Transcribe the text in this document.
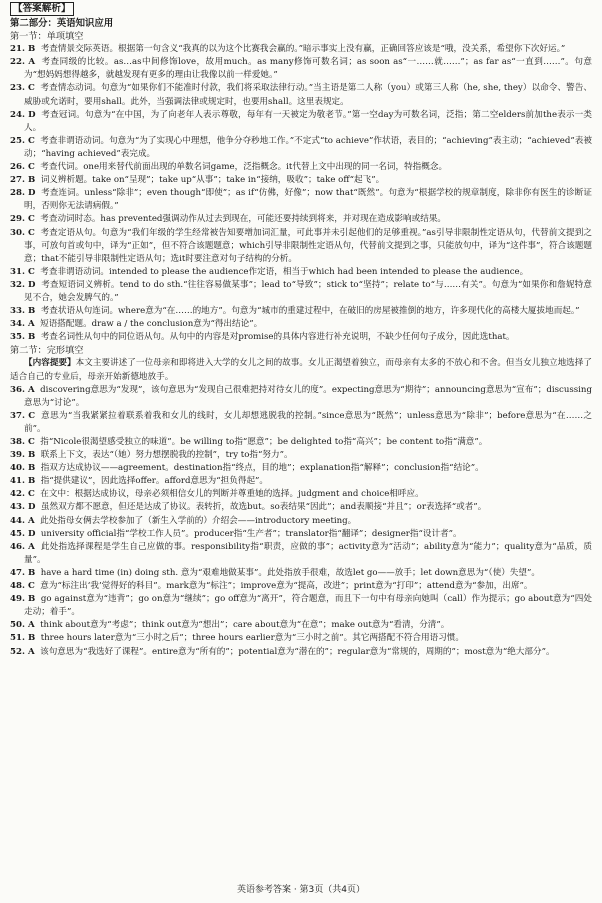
【答案解析】
第二部分：英语知识应用
第一节：单项填空

21. B 考查情景交际英语。根据第一句含义“我真的以为这个比赛我会赢的。”暗示事实上没有赢，正确回答应该是“哦，没关系，希望你下次好运。”

22. A 考查同级的比较。as…as中间修饰love，故用much。as many修饰可数名词；as soon as“一……就……”；as far as“一直到……”。句意为“想妈妈想得越多，就越发现有更多的理由让我像以前一样爱她。”

23. C 考查情态动词。句意为“如果你们不能准时付款，我们将采取法律行动。”当主语是第二人称（you）或第三人称（he, she, they）以命令、警告、威胁或允诺时，要用shall。此外，当强调法律或规定时，也要用shall。这里表规定。

24. D 考查冠词。句意为“在中国，为了向老年人表示尊敬，每年有一天被定为敬老节。”第一空day为可数名词，泛指；第二空elders前加the表示一类人。

25. C 考查非谓语动词。句意为“为了实现心中理想，他争分夺秒地工作。”不定式“to achieve”作状语，表目的；“achieving”表主动；“achieved”表被动；“having achieved”表完成。

26. C 考查代词。one用来替代前面出现的单数名词game，泛指概念。it代替上文中出现的同一名词，特指概念。

27. B 词义辨析题。take on“呈现”；take up“从事”；take in“接纳，吸收”；take off“起飞”。

28. D 考查连词。unless“除非”；even though“即使”；as if“仿佛，好像”；now that“既然”。句意为“根据学校的规章制度，除非你有医生的诊断证明，否则你无法请病假。”

29. C 考查动词时态。has prevented强调动作从过去到现在，可能还要持续到将来，并对现在造成影响或结果。

30. C 考查定语从句。句意为“我们年级的学生经常被告知要增加词汇量，可此事并未引起他们的足够重视。”as引导非限制性定语从句，代替前文提到之事，可放句首或句中，译为“正如”，但不符合该题题意；which引导非限制性定语从句，代替前文提到之事，只能放句中，译为“这件事”，符合该题题意；that不能引导非限制性定语从句；选it时要注意对句子结构的分析。

31. C 考查非谓语动词。intended to please the audience作定语，相当于which had been intended to please the audience。

32. D 考查短语词义辨析。tend to do sth.“往往容易做某事”；lead to“导致”；stick to“坚持”；relate to“与……有关”。句意为“如果你和詹妮特意见不合，她会发脾气的。”

33. B 考查状语从句连词。where意为“在……的地方”。句意为“城市的重建过程中，在破旧的房屋被推倒的地方，许多现代化的高楼大厦拔地而起。”

34. A 短语搭配题。draw a / the conclusion意为“得出结论”。

35. B 考查名词性从句中的同位语从句。从句中的内容是对promise的具体内容进行补充说明，不缺少任何句子成分，因此选that。

第二节：完形填空

【内容提要】本文主要讲述了一位母亲和即将进入大学的女儿之间的故事。女儿正渴望着独立，而母亲有太多的不放心和不舍。但当女儿独立地选择了适合自己的专业后，母亲开始新德地放手。

36. A discovering意思为“发现”，该句意思为“发现自己很难把持对待女儿的度”。expecting意思为“期待”；announcing意思为“宣布”；discussing意思为“讨论”。

37. C 意思为“当我紧紧拉着联系着我和女儿的线时，女儿却想逃脱我的控制。”since意思为“既然”；unless意思为“除非”；before意思为“在……之前”。

38. C 指“Nicole很渴望感受独立的味道”。be willing to指“愿意”；be delighted to指“高兴”；be content to指“满意”。

39. B 联系上下文，表达“（她）努力想摆脱我的控制”，try to指“努力”。

40. B 指双方达成协议——agreement。destination指“终点，目的地”；explanation指“解释”；conclusion指“结论”。

41. B 指“提供建议”，因此选择offer。afford意思为“担负得起”。

42. C 在文中：根据达成协议，母亲必须相信女儿的判断并尊重她的选择。judgment and choice相呼应。

43. D 虽然双方都不愿意，但还是达成了协议。表转折，故选but。so表结果“因此”；and表顺接“并且”；or表选择“或者”。

44. A 此处指母女俩去学校参加了（新生入学前的）介绍会——introductory meeting。

45. D university official指“学校工作人员”。producer指“生产者”；translator指“翻译”；designer指“设计者”。

46. A 此处指选择课程是学生自己应做的事。responsibility指“职责，应做的事”；activity意为“活动”；ability意为“能力”；quality意为“品质，质量”。

47. B have a hard time (in) doing sth. 意为“艰难地做某事”。此处指放手很难，故选let go——放手；let down意思为“（使）失望”。

48. C 意为“标注出‘我’觉得好的科目”。mark意为“标注”；improve意为“提高，改进”；print意为“打印”；attend意为“参加，出席”。

49. B go against意为“违背”；go on意为“继续”；go off意为“离开”，符合题意，而且下一句中有母亲向她叫（call）作为提示；go about意为“四处走动；着手”。

50. A think about意为“考虑”；think out意为“想出”；care about意为“在意”；make out意为“看清，分清”。

51. B three hours later意为“三小时之后”；three hours earlier意为“三小时之前”。其它两搭配不符合用语习惯。

52. A 该句意思为“我选好了课程”。entire意为“所有的”；potential意为“潜在的”；regular意为“常规的，周期的”；most意为“绝大部分”。

英语参考答案 · 第3页（共4页）
